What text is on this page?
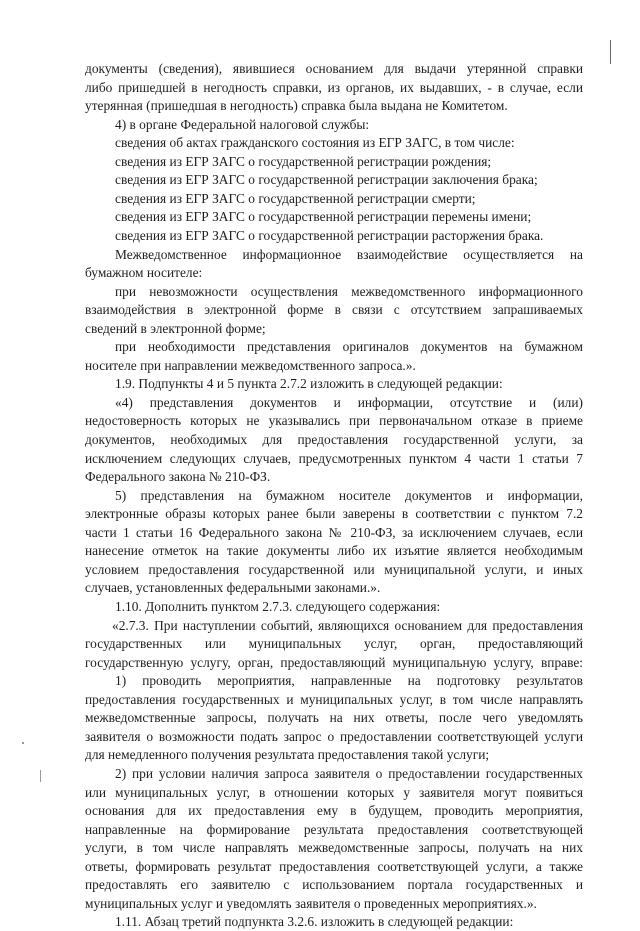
документы (сведения), явившиеся основанием для выдачи утерянной справки
либо пришедшей в негодность справки, из органов, их выдавших, - в случае, если
утерянная (пришедшая в негодность) справка была выдана не Комитетом.
4) в органе Федеральной налоговой службы:
сведения об актах гражданского состояния из ЕГР ЗАГС, в том числе:
сведения из ЕГР ЗАГС о государственной регистрации рождения;
сведения из ЕГР ЗАГС о государственной регистрации заключения брака;
сведения из ЕГР ЗАГС о государственной регистрации смерти;
сведения из ЕГР ЗАГС о государственной регистрации перемены имени;
сведения из ЕГР ЗАГС о государственной регистрации расторжения брака.
Межведомственное информационное взаимодействие осуществляется на
бумажном носителе:
при невозможности осуществления межведомственного информационного
взаимодействия в электронной форме в связи с отсутствием запрашиваемых
сведений в электронной форме;
при необходимости представления оригиналов документов на бумажном
носителе при направлении межведомственного запроса.».
1.9. Подпункты 4 и 5 пункта 2.7.2 изложить в следующей редакции:
«4) представления документов и информации, отсутствие и (или)
недостоверность которых не указывались при первоначальном отказе в приеме
документов, необходимых для предоставления государственной услуги, за
исключением следующих случаев, предусмотренных пунктом 4 части 1 статьи 7
Федерального закона № 210-ФЗ.
5) представления на бумажном носителе документов и информации,
электронные образы которых ранее были заверены в соответствии с пунктом 7.2
части 1 статьи 16 Федерального закона № 210-ФЗ, за исключением случаев, если
нанесение отметок на такие документы либо их изъятие является необходимым
условием предоставления государственной или муниципальной услуги, и иных
случаев, установленных федеральными законами.».
1.10. Дополнить пунктом 2.7.3. следующего содержания:
«2.7.3. При наступлении событий, являющихся основанием для предоставления
государственных или муниципальных услуг, орган, предоставляющий
государственную услугу, орган, предоставляющий муниципальную услугу, вправе:
1) проводить мероприятия, направленные на подготовку результатов
предоставления государственных и муниципальных услуг, в том числе направлять
межведомственные запросы, получать на них ответы, после чего уведомлять
заявителя о возможности подать запрос о предоставлении соответствующей услуги
для немедленного получения результата предоставления такой услуги;
2) при условии наличия запроса заявителя о предоставлении государственных
или муниципальных услуг, в отношении которых у заявителя могут появиться
основания для их предоставления ему в будущем, проводить мероприятия,
направленные на формирование результата предоставления соответствующей
услуги, в том числе направлять межведомственные запросы, получать на них
ответы, формировать результат предоставления соответствующей услуги, а также
предоставлять его заявителю с использованием портала государственных и
муниципальных услуг и уведомлять заявителя о проведенных мероприятиях.».
1.11. Абзац третий подпункта 3.2.6. изложить в следующей редакции:
